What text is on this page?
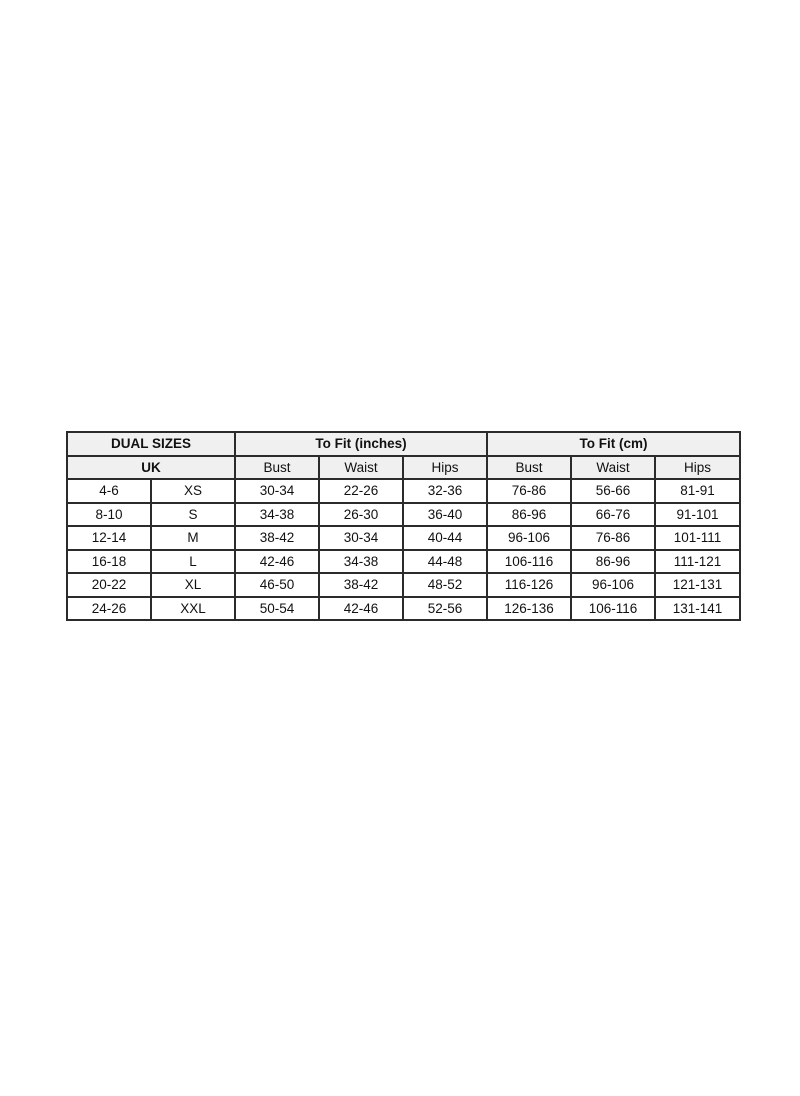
DUAL SIZES		To Fit (inches)			To Fit (cm)		
UK		Bust	Waist	Hips	Bust	Waist	Hips
4-6	XS	30-34	22-26	32-36	76-86	56-66	81-91
8-10	S	34-38	26-30	36-40	86-96	66-76	91-101
12-14	M	38-42	30-34	40-44	96-106	76-86	101-111
16-18	L	42-46	34-38	44-48	106-116	86-96	111-121
20-22	XL	46-50	38-42	48-52	116-126	96-106	121-131
24-26	XXL	50-54	42-46	52-56	126-136	106-116	131-141
